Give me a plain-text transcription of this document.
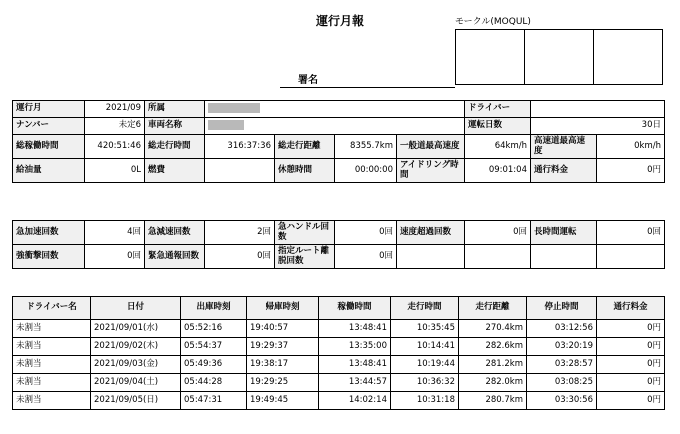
運行月報	モークル(MOQUL)
署名
運行月	2021/09	所属					ドライバー		
ナンバー	未定6	車両名称					運転日数	30日	
総稼働時間	420:51:46	総走行時間	316:37:36	総走行距離	8355.7km	一般道最高速度	64km/h	高速道最高速度	0km/h
給油量	0L	燃費		休憩時間	00:00:00	アイドリング時間	09:01:04	通行料金	0円
急加速回数	4回	急減速回数	2回	急ハンドル回数	0回	速度超過回数	0回	長時間運転	0回
強衝撃回数	0回	緊急通報回数	0回	指定ルート離脱回数	0回				
ドライバー名	日付	出庫時刻	帰庫時刻	稼働時間	走行時間	走行距離	停止時間	通行料金
未割当	2021/09/01(水)	05:52:16	19:40:57	13:48:41	10:35:45	270.4km	03:12:56	0円
未割当	2021/09/02(木)	05:54:37	19:29:37	13:35:00	10:14:41	282.6km	03:20:19	0円
未割当	2021/09/03(金)	05:49:36	19:38:17	13:48:41	10:19:44	281.2km	03:28:57	0円
未割当	2021/09/04(土)	05:44:28	19:29:25	13:44:57	10:36:32	282.0km	03:08:25	0円
未割当	2021/09/05(日)	05:47:31	19:49:45	14:02:14	10:31:18	280.7km	03:30:56	0円
